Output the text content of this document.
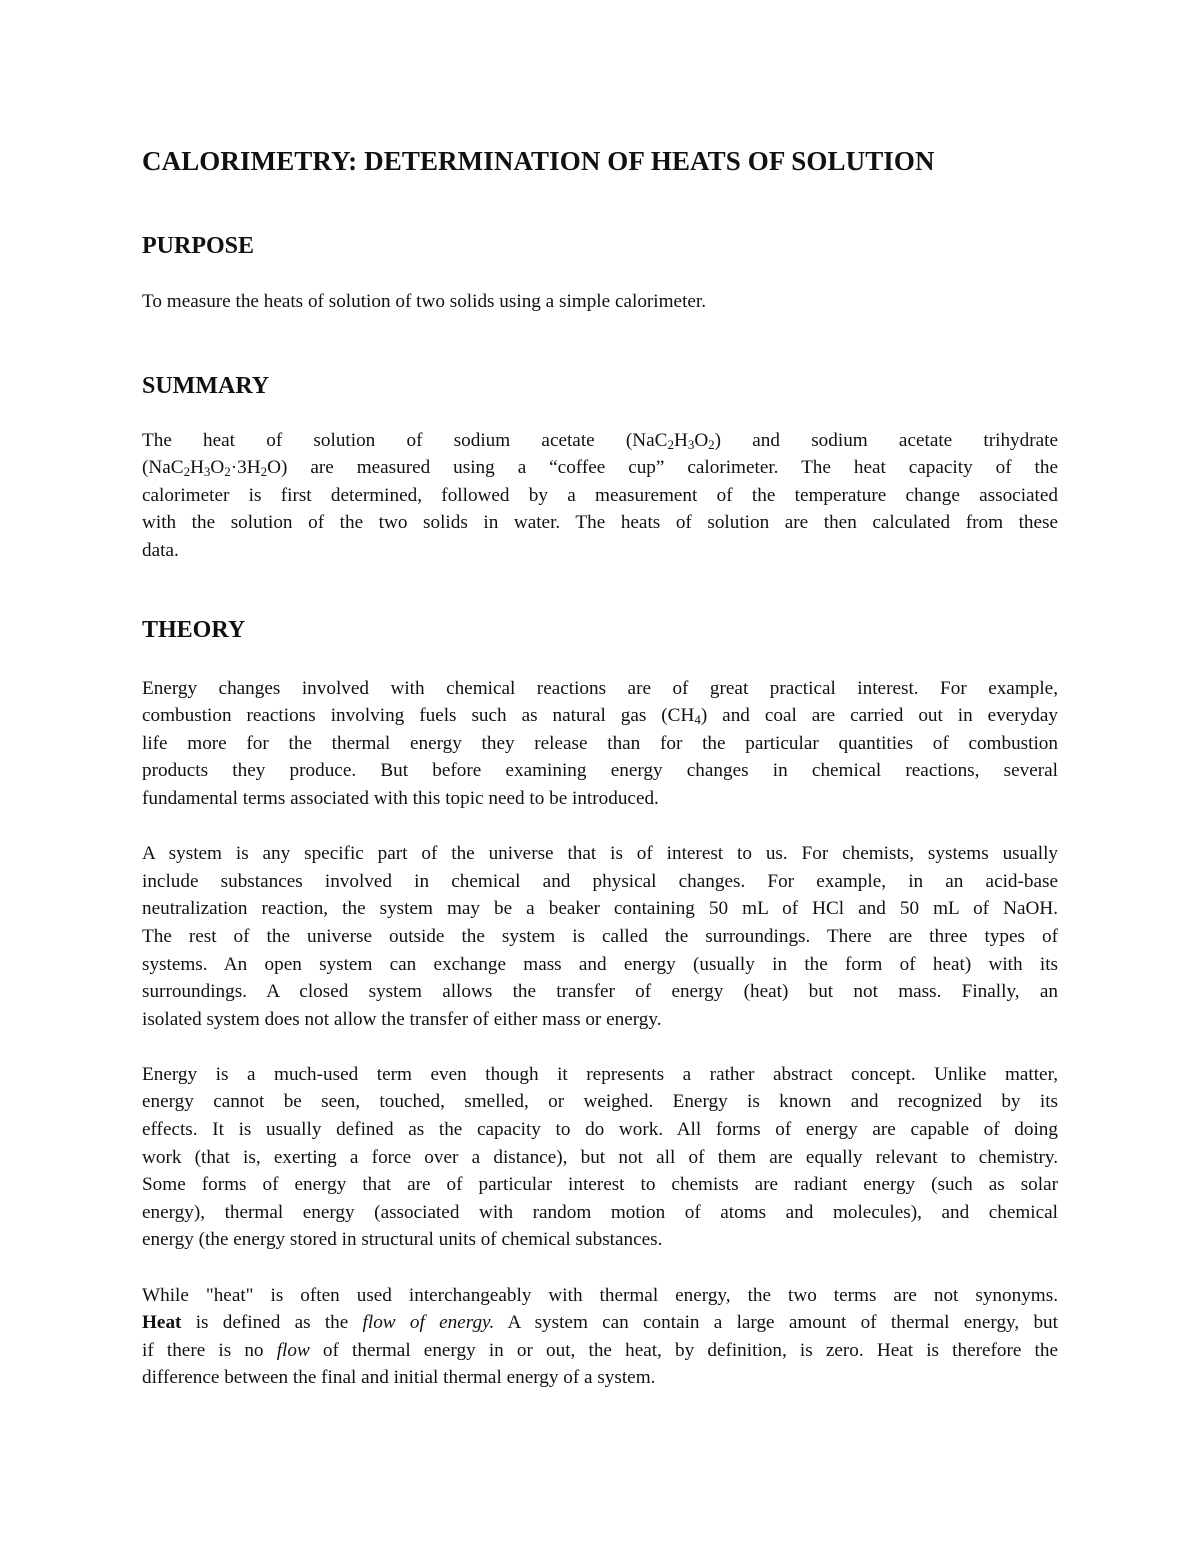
CALORIMETRY: DETERMINATION OF HEATS OF SOLUTION
PURPOSE

To measure the heats of solution of two solids using a simple calorimeter.

SUMMARY

The heat of solution of sodium acetate $(NaC_2H_3O_2)$ and sodium acetate trihydrate
$(NaC_2H_3O_2\cdot 3H_2O)$ are measured using a “coffee cup” calorimeter. The heat capacity of the
calorimeter is first determined, followed by a measurement of the temperature change associated
with the solution of the two solids in water. The heats of solution are then calculated from these
data.

THEORY

Energy changes involved with chemical reactions are of great practical interest. For example,
combustion reactions involving fuels such as natural gas $(CH_4)$ and coal are carried out in everyday
life more for the thermal energy they release than for the particular quantities of combustion
products they produce. But before examining energy changes in chemical reactions, several
fundamental terms associated with this topic need to be introduced.

A system is any specific part of the universe that is of interest to us. For chemists, systems usually
include substances involved in chemical and physical changes. For example, in an acid-base
neutralization reaction, the system may be a beaker containing 50 mL of HCl and 50 mL of NaOH.
The rest of the universe outside the system is called the surroundings. There are three types of
systems. An open system can exchange mass and energy (usually in the form of heat) with its
surroundings. A closed system allows the transfer of energy (heat) but not mass. Finally, an
isolated system does not allow the transfer of either mass or energy.

Energy is a much-used term even though it represents a rather abstract concept. Unlike matter,
energy cannot be seen, touched, smelled, or weighed. Energy is known and recognized by its
effects. It is usually defined as the capacity to do work. All forms of energy are capable of doing
work (that is, exerting a force over a distance), but not all of them are equally relevant to chemistry.
Some forms of energy that are of particular interest to chemists are radiant energy (such as solar
energy), thermal energy (associated with random motion of atoms and molecules), and chemical
energy (the energy stored in structural units of chemical substances.

While "heat" is often used interchangeably with thermal energy, the two terms are not synonyms.
Heat is defined as the flow of energy. A system can contain a large amount of thermal energy, but
if there is no flow of thermal energy in or out, the heat, by definition, is zero. Heat is therefore the
difference between the final and initial thermal energy of a system.
